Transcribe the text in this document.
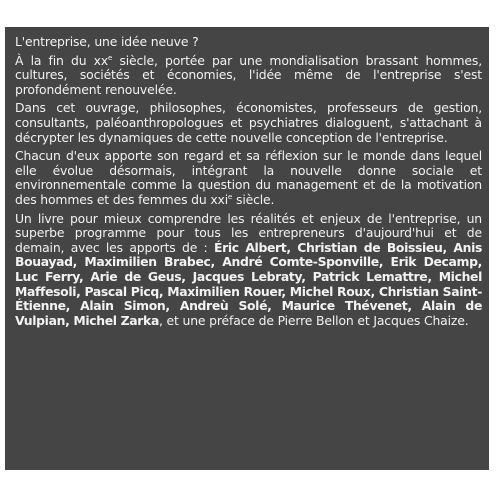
L'entreprise, une idée neuve ?

À la fin du $xx^e$ siècle, portée par une mondialisation brassant hommes, cultures, sociétés et économies, l'idée même de l'entreprise s'est profondément renouvelée.

Dans cet ouvrage, philosophes, économistes, professeurs de gestion, consultants, paléoanthropologues et psychiatres dialoguent, s'attachant à décrypter les dynamiques de cette nouvelle conception de l'entreprise.

Chacun d'eux apporte son regard et sa réflexion sur le monde dans lequel elle évolue désormais, intégrant la nouvelle donne sociale et environnementale comme la question du management et de la motivation des hommes et des femmes du xxi$^e$ siècle.

Un livre pour mieux comprendre les réalités et enjeux de l'entreprise, un superbe programme pour tous les entrepreneurs d'aujourd'hui et de demain, avec les apports de : Éric Albert, Christian de Boissieu, Anis Bouayad, Maximilien Brabec, André Comte-Sponville, Erik Decamp, Luc Ferry, Arie de Geus, Jacques Lebraty, Patrick Lemattre, Michel Maffesoli, Pascal Picq, Maximilien Rouer, Michel Roux, Christian Saint-Étienne, Alain Simon, Andreù Solé, Maurice Thévenet, Alain de Vulpian, Michel Zarka, et une préface de Pierre Bellon et Jacques Chaize.
